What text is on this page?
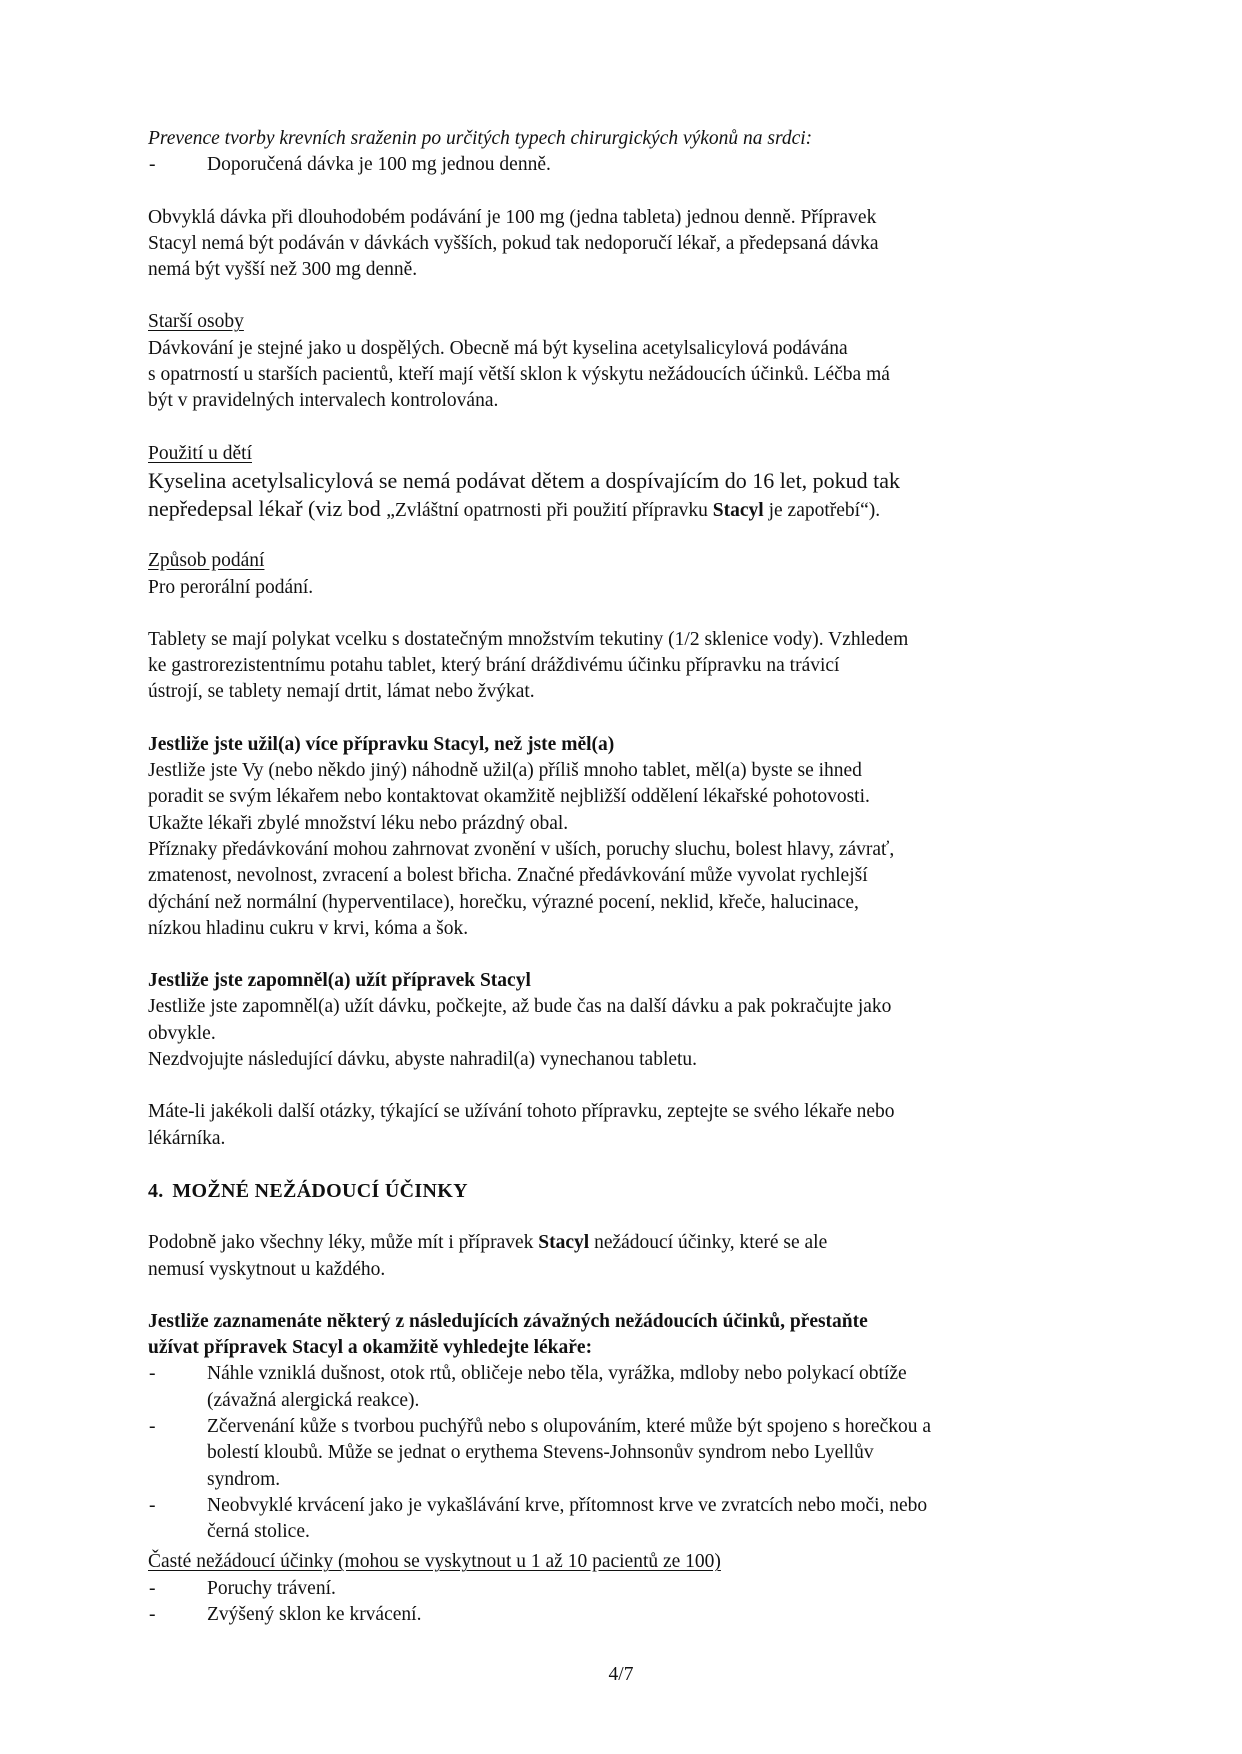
Prevence tvorby krevních sraženin po určitých typech chirurgických výkonů na srdci:

-	Doporučená dávka je 100 mg jednou denně.

Obvyklá dávka při dlouhodobém podávání je 100 mg (jedna tableta) jednou denně. Přípravek

Stacyl nemá být podáván v dávkách vyšších, pokud tak nedoporučí lékař, a předepsaná dávka

nemá být vyšší než 300 mg denně.

Starší osoby

Dávkování je stejné jako u dospělých. Obecně má být kyselina acetylsalicylová podávána

s opatrností u starších pacientů, kteří mají větší sklon k výskytu nežádoucích účinků. Léčba má

být v pravidelných intervalech kontrolována.

Použití u dětí

Kyselina acetylsalicylová se nemá podávat dětem a dospívajícím do 16 let, pokud tak

nepředepsal lékař (viz bod „Zvláštní opatrnosti při použití přípravku Stacyl je zapotřebí“).

Způsob podání

Pro perorální podání.

Tablety se mají polykat vcelku s dostatečným množstvím tekutiny (1/2 sklenice vody). Vzhledem

ke gastrorezistentnímu potahu tablet, který brání dráždivému účinku přípravku na trávicí

ústrojí, se tablety nemají drtit, lámat nebo žvýkat.

Jestliže jste užil(a) více přípravku Stacyl, než jste měl(a)

Jestliže jste Vy (nebo někdo jiný) náhodně užil(a) příliš mnoho tablet, měl(a) byste se ihned

poradit se svým lékařem nebo kontaktovat okamžitě nejbližší oddělení lékařské pohotovosti.

Ukažte lékaři zbylé množství léku nebo prázdný obal.

Příznaky předávkování mohou zahrnovat zvonění v uších, poruchy sluchu, bolest hlavy, závrať,

zmatenost, nevolnost, zvracení a bolest břicha. Značné předávkování může vyvolat rychlejší

dýchání než normální (hyperventilace), horečku, výrazné pocení, neklid, křeče, halucinace,

nízkou hladinu cukru v krvi, kóma a šok.

Jestliže jste zapomněl(a) užít přípravek Stacyl

Jestliže jste zapomněl(a) užít dávku, počkejte, až bude čas na další dávku a pak pokračujte jako

obvykle.

Nezdvojujte následující dávku, abyste nahradil(a) vynechanou tabletu.

Máte-li jakékoli další otázky, týkající se užívání tohoto přípravku, zeptejte se svého lékaře nebo

lékárníka.

4. MOŽNÉ NEŽÁDOUCÍ ÚČINKY

Podobně jako všechny léky, může mít i přípravek Stacyl nežádoucí účinky, které se ale

nemusí vyskytnout u každého.

Jestliže zaznamenáte některý z následujících závažných nežádoucích účinků, přestaňte

užívat přípravek Stacyl a okamžitě vyhledejte lékaře:

-	Náhle vzniklá dušnost, otok rtů, obličeje nebo těla, vyrážka, mdloby nebo polykací obtíže

(závažná alergická reakce).

-	Zčervenání kůže s tvorbou puchýřů nebo s olupováním, které může být spojeno s horečkou a

bolestí kloubů. Může se jednat o erythema Stevens-Johnsonův syndrom nebo Lyellův

syndrom.

-	Neobvyklé krvácení jako je vykašlávání krve, přítomnost krve ve zvratcích nebo moči, nebo

černá stolice.

Časté nežádoucí účinky (mohou se vyskytnout u 1 až 10 pacientů ze 100)

-	Poruchy trávení.
-	Zvýšený sklon ke krvácení.
4/7
